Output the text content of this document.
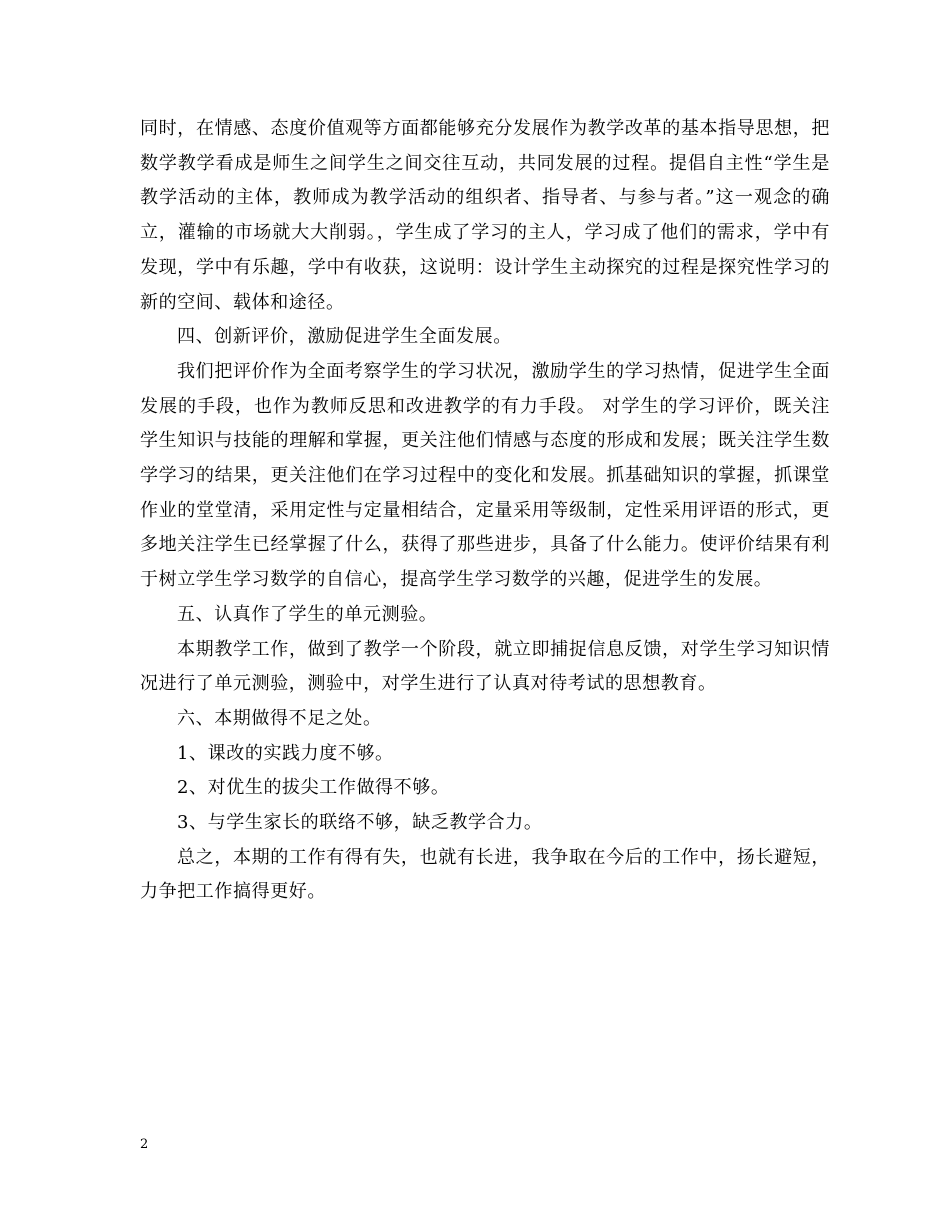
同时，在情感、态度价值观等方面都能够充分发展作为教学改革的基本指导思想，把数学教学看成是师生之间学生之间交往互动，共同发展的过程。提倡自主性“学生是教学活动的主体，教师成为教学活动的组织者、指导者、与参与者。”这一观念的确立，灌输的市场就大大削弱。，学生成了学习的主人，学习成了他们的需求，学中有发现，学中有乐趣，学中有收获，这说明：设计学生主动探究的过程是探究性学习的新的空间、载体和途径。

四、创新评价，激励促进学生全面发展。

我们把评价作为全面考察学生的学习状况，激励学生的学习热情，促进学生全面发展的手段，也作为教师反思和改进教学的有力手段。 对学生的学习评价，既关注学生知识与技能的理解和掌握，更关注他们情感与态度的形成和发展；既关注学生数学学习的结果，更关注他们在学习过程中的变化和发展。抓基础知识的掌握，抓课堂作业的堂堂清，采用定性与定量相结合，定量采用等级制，定性采用评语的形式，更多地关注学生已经掌握了什么，获得了那些进步，具备了什么能力。使评价结果有利于树立学生学习数学的自信心，提高学生学习数学的兴趣，促进学生的发展。

五、认真作了学生的单元测验。

本期教学工作，做到了教学一个阶段，就立即捕捉信息反馈，对学生学习知识情况进行了单元测验，测验中，对学生进行了认真对待考试的思想教育。

六、本期做得不足之处。

1、课改的实践力度不够。

2、对优生的拔尖工作做得不够。

3、与学生家长的联络不够，缺乏教学合力。

总之，本期的工作有得有失，也就有长进，我争取在今后的工作中，扬长避短，力争把工作搞得更好。

2
